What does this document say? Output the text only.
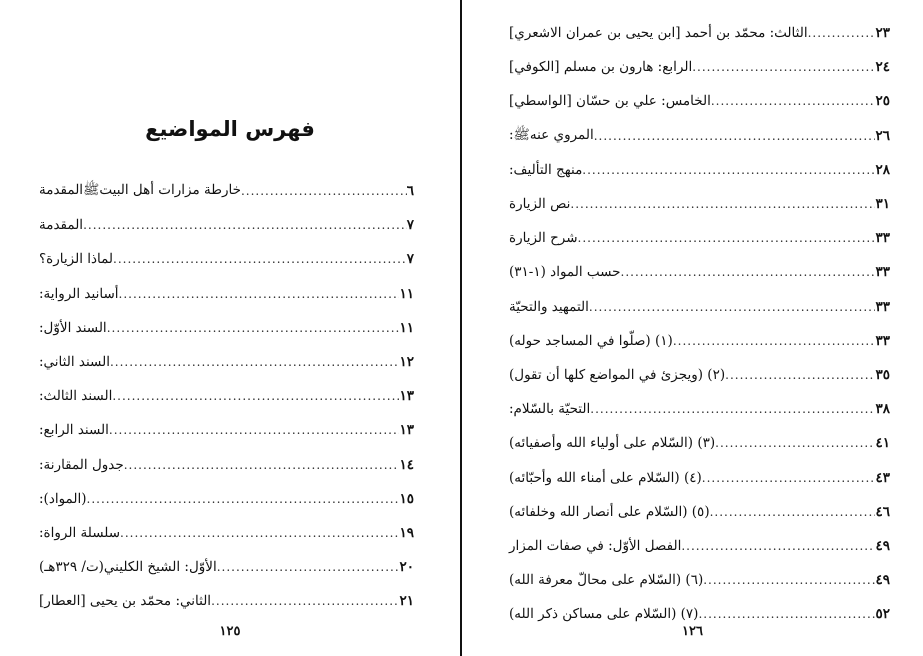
فهرس المواضيع
خارطة مزارات أهل البيتﷺالمقدمة .....	٦
المقدمة .....	٧
لماذا الزيارة؟ .....	٧
أسانيد الرواية: .....	١١
السند الأوّل: .....	١١
السند الثاني: .....	١٢
السند الثالث: .....	١٣
السند الرابع: .....	١٣
جدول المقارنة: .....	١٤
(المواد): .....	١٥
سلسلة الرواة: .....	١٩
الأوّل: الشيخ الكليني(ت/ ٣٢٩هـ) .....	٢٠
الثاني: محمّد بن يحيى [العطار] .....	٢١
١٢٥
الثالث: محمّد بن أحمد [ابن يحيى بن عمران الاشعري] .....	٢٣
الرابع: هارون بن مسلم [الكوفي] .....	٢٤
الخامس: علي بن حسّان [الواسطي] .....	٢٥
المروي عنهﷺ: .....	٢٦
منهج التأليف: .....	٢٨
نص الزيارة .....	٣١
شرح الزيارة .....	٣٣
حسب المواد (١-٣١) .....	٣٣
التمهيد والتحيّة .....	٣٣
(١) (صلّوا في المساجد حوله) .....	٣٣
(٢) (ويجزئ في المواضع كلها أن تقول) .....	٣٥
التحيّة بالسّلام: .....	٣٨
(٣) (السّلام على أولياء الله وأصفيائه) .....	٤١
(٤) (السّلام على أمناء الله وأحبّائه) .....	٤٣
(٥) (السّلام على أنصار الله وخلفائه) .....	٤٦
الفصل الأوّل: في صفات المزار .....	٤٩
(٦) (السّلام على محالّ معرفة الله) .....	٤٩
(٧) (السّلام على مساكن ذكر الله) .....	٥٢
١٢٦
